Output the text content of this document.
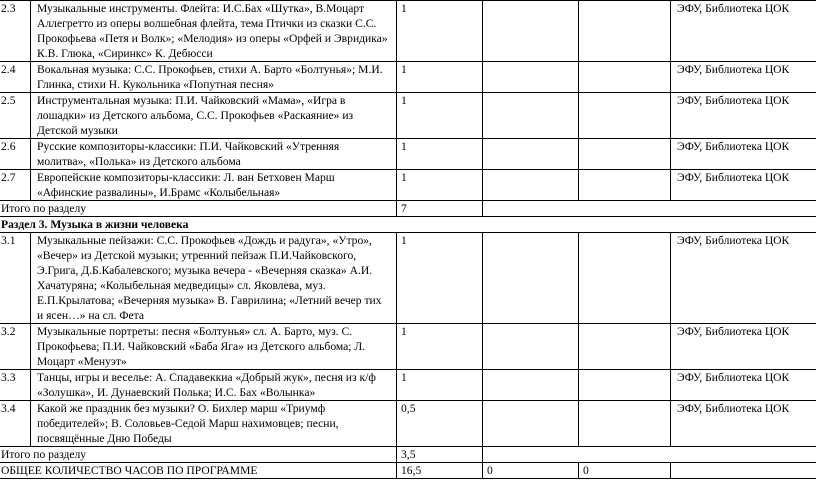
2.3	Музыкальные инструменты. Флейта: И.С.Бах «Шутка», В.Моцарт Аллегретто из оперы волшебная флейта, тема Птички из сказки С.С. Прокофьева «Петя и Волк»; «Мелодия» из оперы «Орфей и Эвридика» К.В. Глюка, «Сиринкс» К. Дебюсси	1			ЭФУ, Библиотека ЦОК
2.4	Вокальная музыка: С.С. Прокофьев, стихи А. Барто «Болтунья»; М.И. Глинка, стихи Н. Кукольника «Попутная песня»	1			ЭФУ, Библиотека ЦОК
2.5	Инструментальная музыка: П.И. Чайковский «Мама», «Игра в лошадки» из Детского альбома, С.С. Прокофьев «Раскаяние» из Детской музыки	1			ЭФУ, Библиотека ЦОК
2.6	Русские композиторы-классики: П.И. Чайковский «Утренняя молитва», «Полька» из Детского альбома	1			ЭФУ, Библиотека ЦОК
2.7	Европейские композиторы-классики: Л. ван Бетховен Марш «Афинские развалины», И.Брамс «Колыбельная»	1			ЭФУ, Библиотека ЦОК
Итого по разделу		7			
Раздел 3. Музыка в жизни человека					
3.1	Музыкальные пейзажи: С.С. Прокофьев «Дождь и радуга», «Утро», «Вечер» из Детской музыки; утренний пейзаж П.И.Чайковского, Э.Грига, Д.Б.Кабалевского; музыка вечера - «Вечерняя сказка» А.И. Хачатуряна; «Колыбельная медведицы» сл. Яковлева, муз. Е.П.Крылатова; «Вечерняя музыка» В. Гаврилина; «Летний вечер тих и ясен…» на сл. Фета	1			ЭФУ, Библиотека ЦОК
3.2	Музыкальные портреты: песня «Болтунья» сл. А. Барто, муз. С. Прокофьева; П.И. Чайковский «Баба Яга» из Детского альбома; Л. Моцарт «Менуэт»	1			ЭФУ, Библиотека ЦОК
3.3	Танцы, игры и веселье: А. Спадавеккиа «Добрый жук», песня из к/ф «Золушка», И. Дунаевский Полька; И.С. Бах «Волынка»	1			ЭФУ, Библиотека ЦОК
3.4	Какой же праздник без музыки? О. Бихлер марш «Триумф победителей»; В. Соловьев-Седой Марш нахимовцев; песни, посвящённые Дню Победы	0,5			ЭФУ, Библиотека ЦОК
Итого по разделу		3,5			
ОБЩЕЕ КОЛИЧЕСТВО ЧАСОВ ПО ПРОГРАММЕ		16,5	0	0	
